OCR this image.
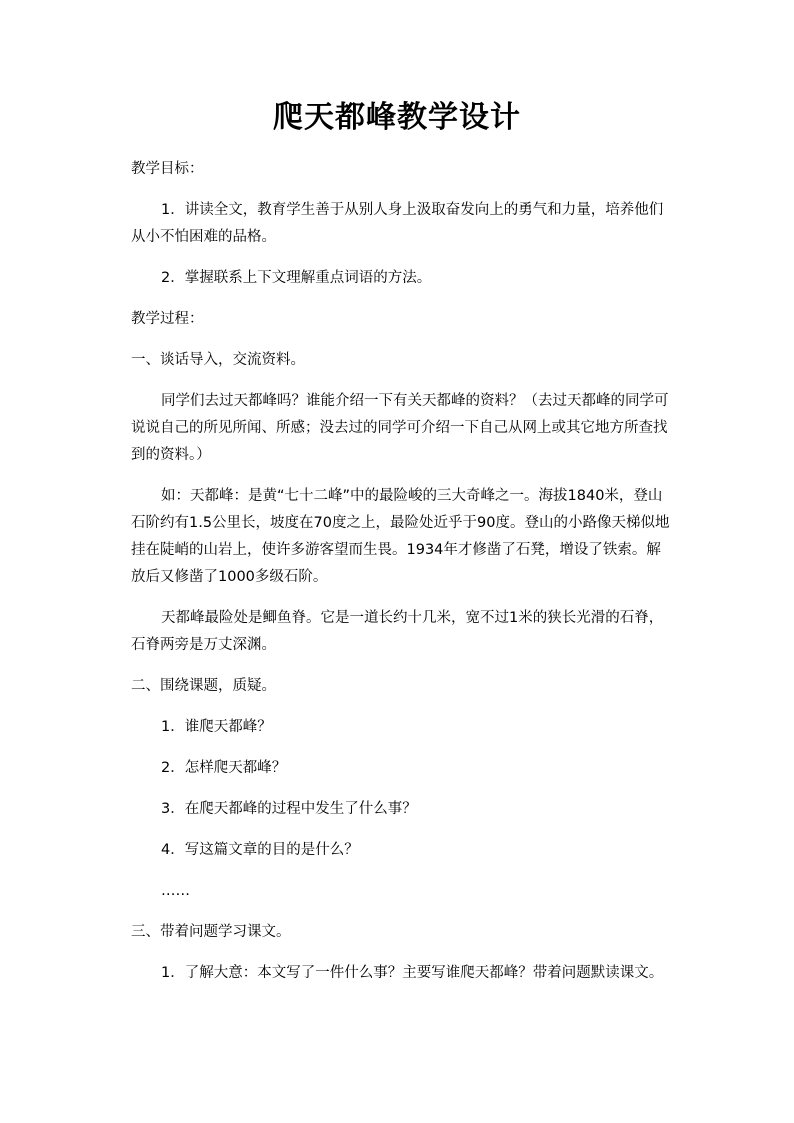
爬天都峰教学设计

教学目标：

1．讲读全文，教育学生善于从别人身上汲取奋发向上的勇气和力量，培养他们从小不怕困难的品格。

2．掌握联系上下文理解重点词语的方法。

教学过程：

一、谈话导入，交流资料。

同学们去过天都峰吗？谁能介绍一下有关天都峰的资料？（去过天都峰的同学可说说自己的所见所闻、所感；没去过的同学可介绍一下自己从网上或其它地方所查找到的资料。）

如：天都峰：是黄“七十二峰”中的最险峻的三大奇峰之一。海拔1840米，登山石阶约有1.5公里长，坡度在70度之上，最险处近乎于90度。登山的小路像天梯似地挂在陡峭的山岩上，使许多游客望而生畏。1934年才修凿了石凳，增设了铁索。解放后又修凿了1000多级石阶。

天都峰最险处是鲫鱼脊。它是一道长约十几米，宽不过1米的狭长光滑的石脊，石脊两旁是万丈深渊。

二、围绕课题，质疑。

1．谁爬天都峰？

2．怎样爬天都峰？

3．在爬天都峰的过程中发生了什么事？

4．写这篇文章的目的是什么？

……

三、带着问题学习课文。

1．了解大意：本文写了一件什么事？主要写谁爬天都峰？带着问题默读课文。
